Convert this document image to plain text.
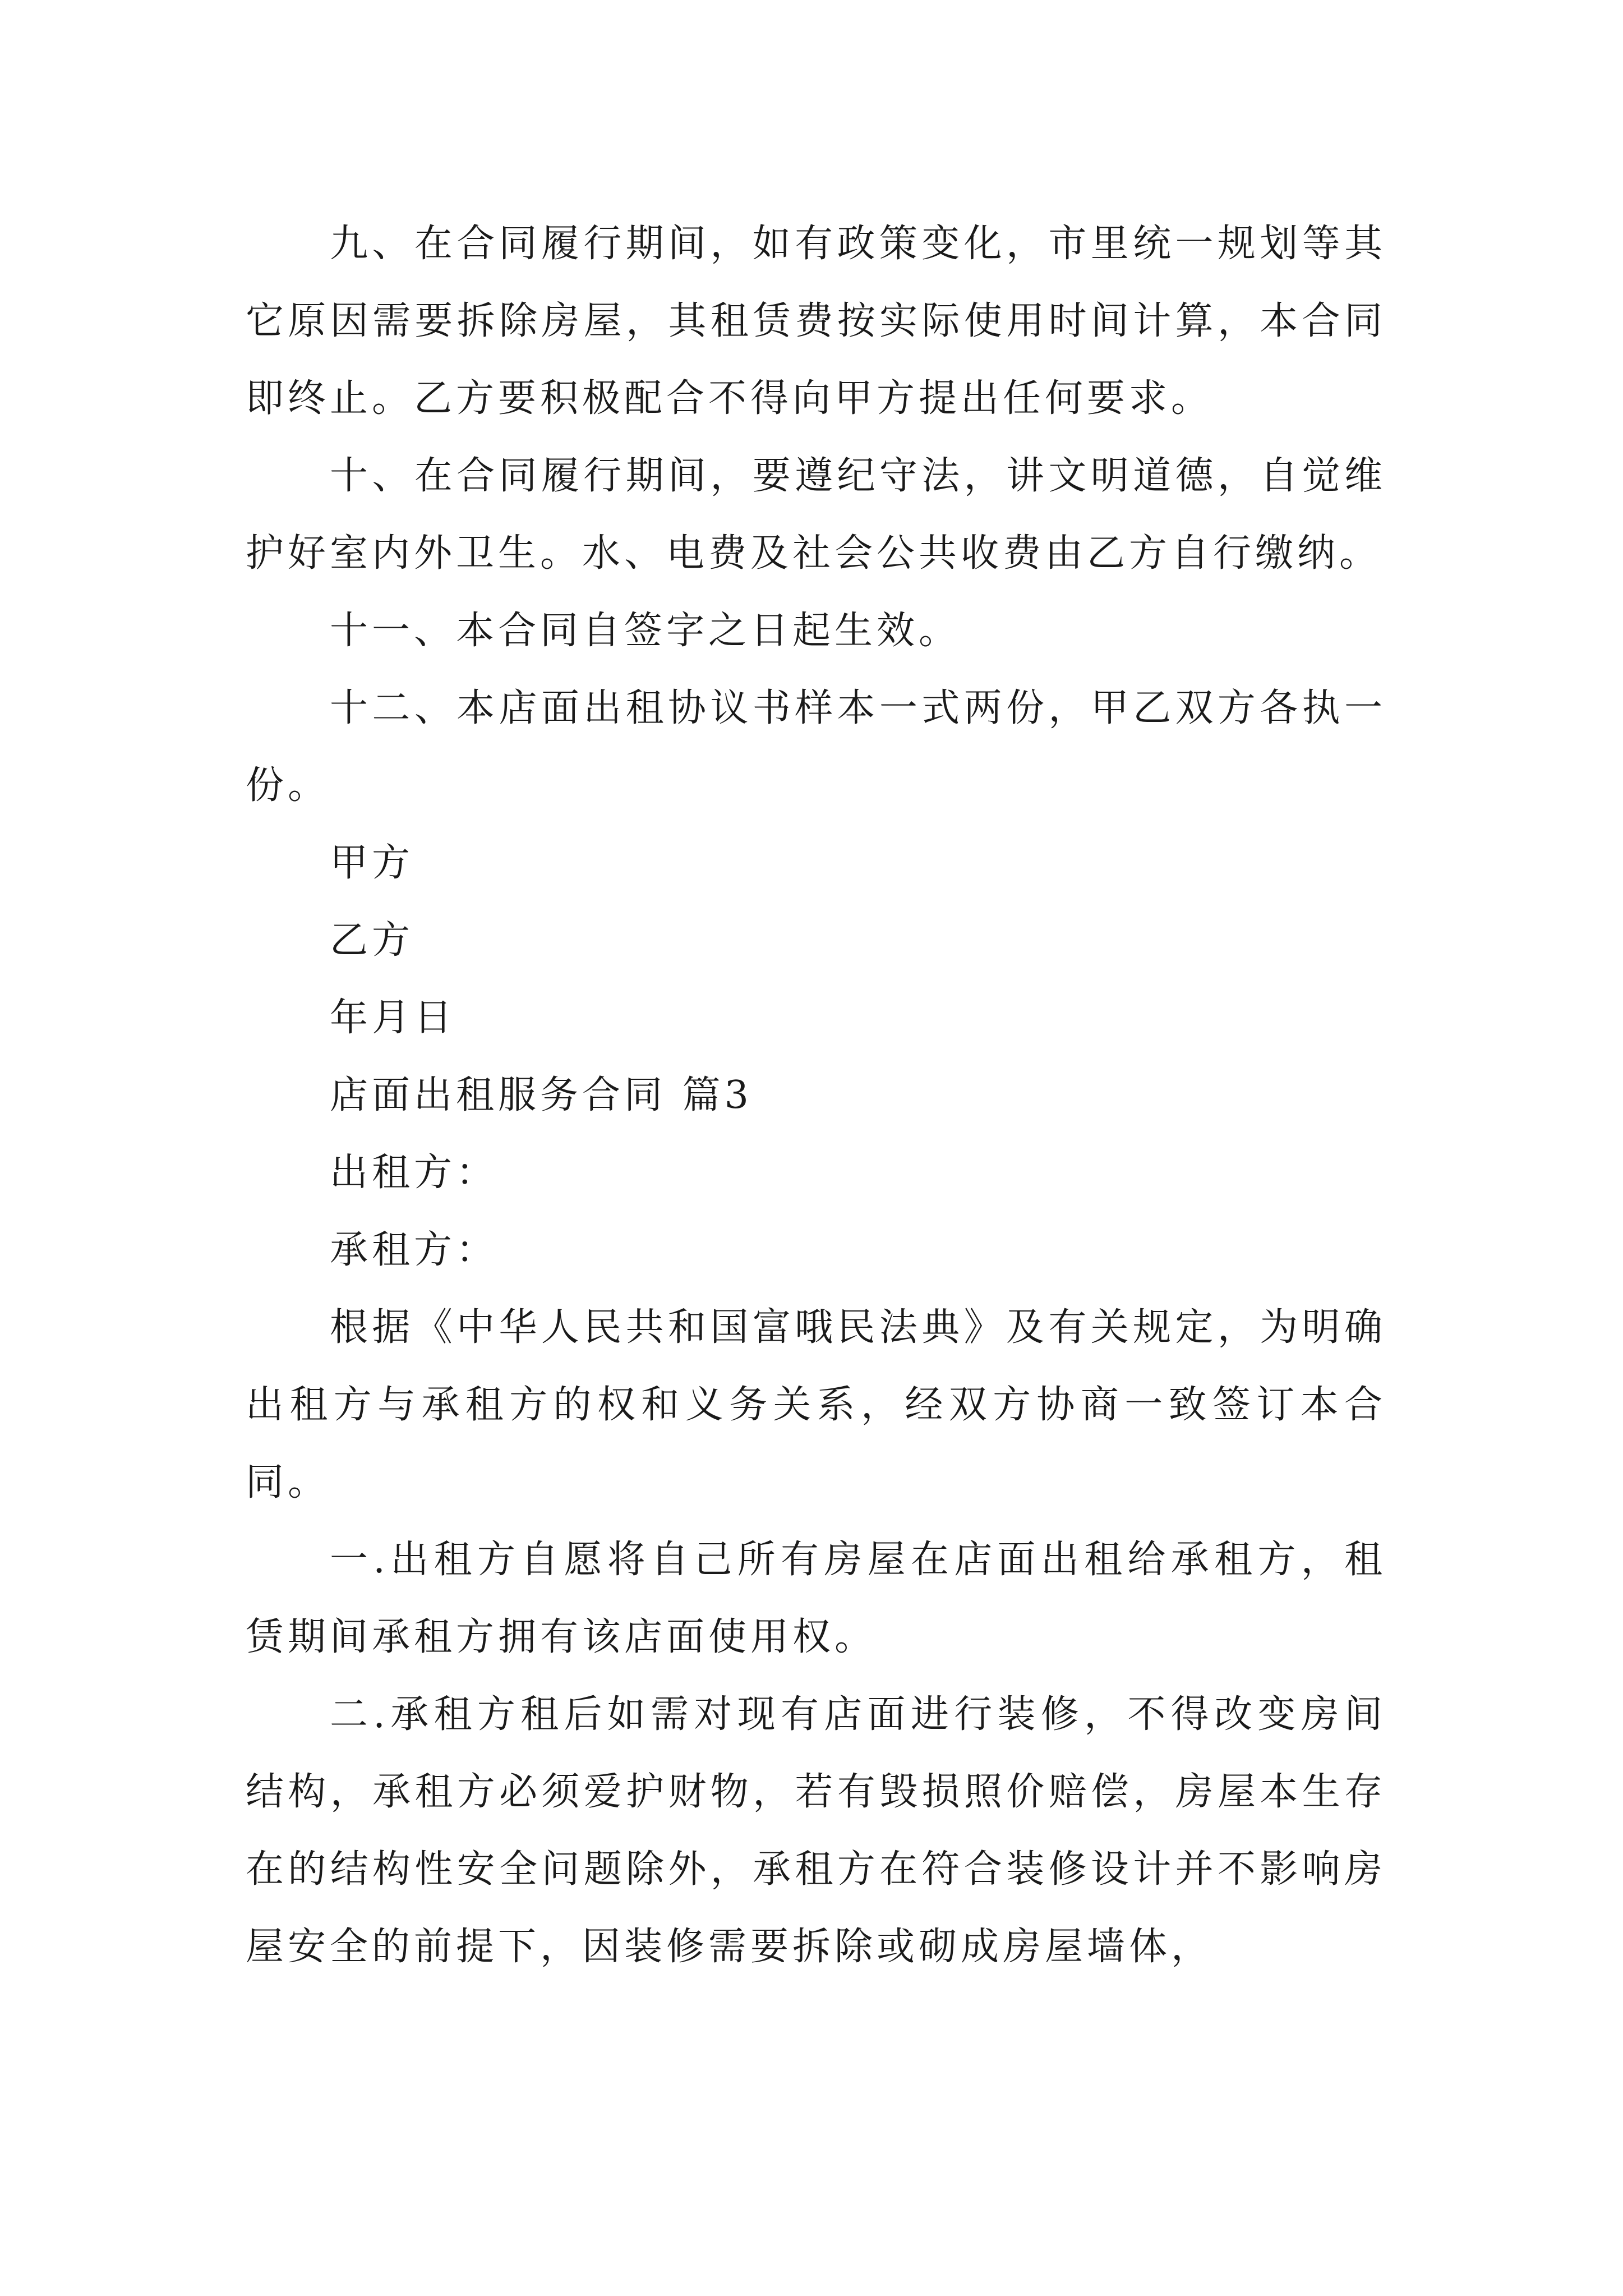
九、在合同履行期间，如有政策变化，市里统一规划等其它原因需要拆除房屋，其租赁费按实际使用时间计算，本合同即终止。乙方要积极配合不得向甲方提出任何要求。

十、在合同履行期间，要遵纪守法，讲文明道德，自觉维护好室内外卫生。水、电费及社会公共收费由乙方自行缴纳。

十一、本合同自签字之日起生效。

十二、本店面出租协议书样本一式两份，甲乙双方各执一份。

甲方

乙方

年月日

店面出租服务合同 篇3

出租方：

承租方：

根据《中华人民共和国富哦民法典》及有关规定，为明确出租方与承租方的权和义务关系，经双方协商一致签订本合同。

一.出租方自愿将自己所有房屋在店面出租给承租方，租赁期间承租方拥有该店面使用权。

二.承租方租后如需对现有店面进行装修，不得改变房间结构，承租方必须爱护财物，若有毁损照价赔偿，房屋本生存在的结构性安全问题除外，承租方在符合装修设计并不影响房屋安全的前提下，因装修需要拆除或砌成房屋墙体，
